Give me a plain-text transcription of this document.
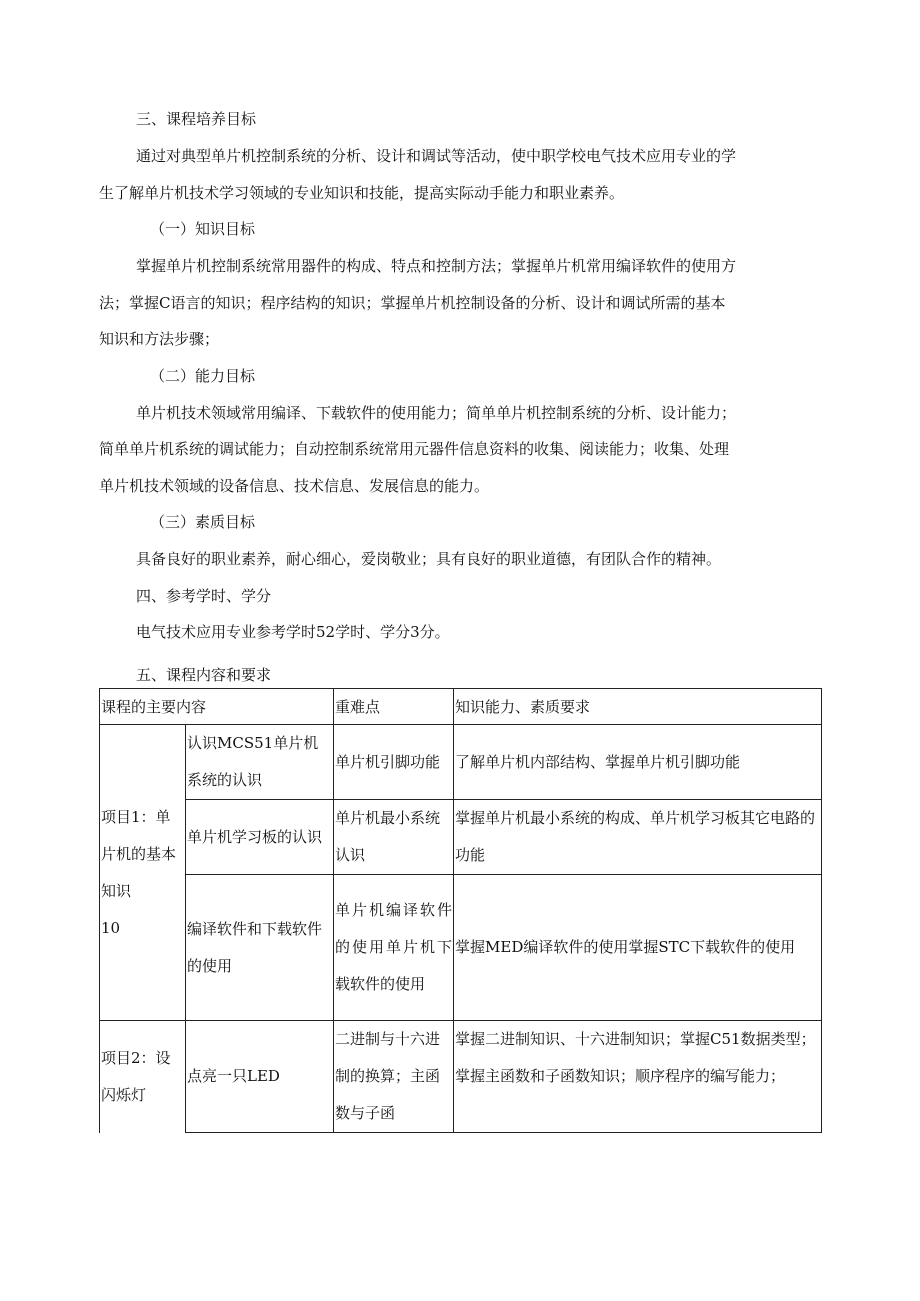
三、课程培养目标
通过对典型单片机控制系统的分析、设计和调试等活动，使中职学校电气技术应用专业的学
生了解单片机技术学习领域的专业知识和技能，提高实际动手能力和职业素养。
（一）知识目标
掌握单片机控制系统常用器件的构成、特点和控制方法；掌握单片机常用编译软件的使用方
法；掌握C语言的知识；程序结构的知识；掌握单片机控制设备的分析、设计和调试所需的基本
知识和方法步骤；
（二）能力目标
单片机技术领域常用编译、下载软件的使用能力；简单单片机控制系统的分析、设计能力；
简单单片机系统的调试能力；自动控制系统常用元器件信息资料的收集、阅读能力；收集、处理
单片机技术领域的设备信息、技术信息、发展信息的能力。
（三）素质目标
具备良好的职业素养，耐心细心，爱岗敬业；具有良好的职业道德，有团队合作的精神。
四、参考学时、学分
电气技术应用专业参考学时52学时、学分3分。
五、课程内容和要求
课程的主要内容		重难点	知识能力、素质要求

项目1：单
片机的基本
知识
10	认识MCS51单片机系统的认识	单片机引脚功能	了解单片机内部结构、掌握单片机引脚功能
	单片机学习板的认识	单片机最小系统认识	掌握单片机最小系统的构成、单片机学习板其它电路的功能
	编译软件和下载软件的使用	单片机编译软件的使用单片机下载软件的使用	掌握MED编译软件的使用掌握STC下载软件的使用

项目2：设
闪烁灯	点亮一只LED	二进制与十六进制的换算；主函数与子函	掌握二进制知识、十六进制知识；掌握C51数据类型；掌握主函数和子函数知识；顺序程序的编写能力；
